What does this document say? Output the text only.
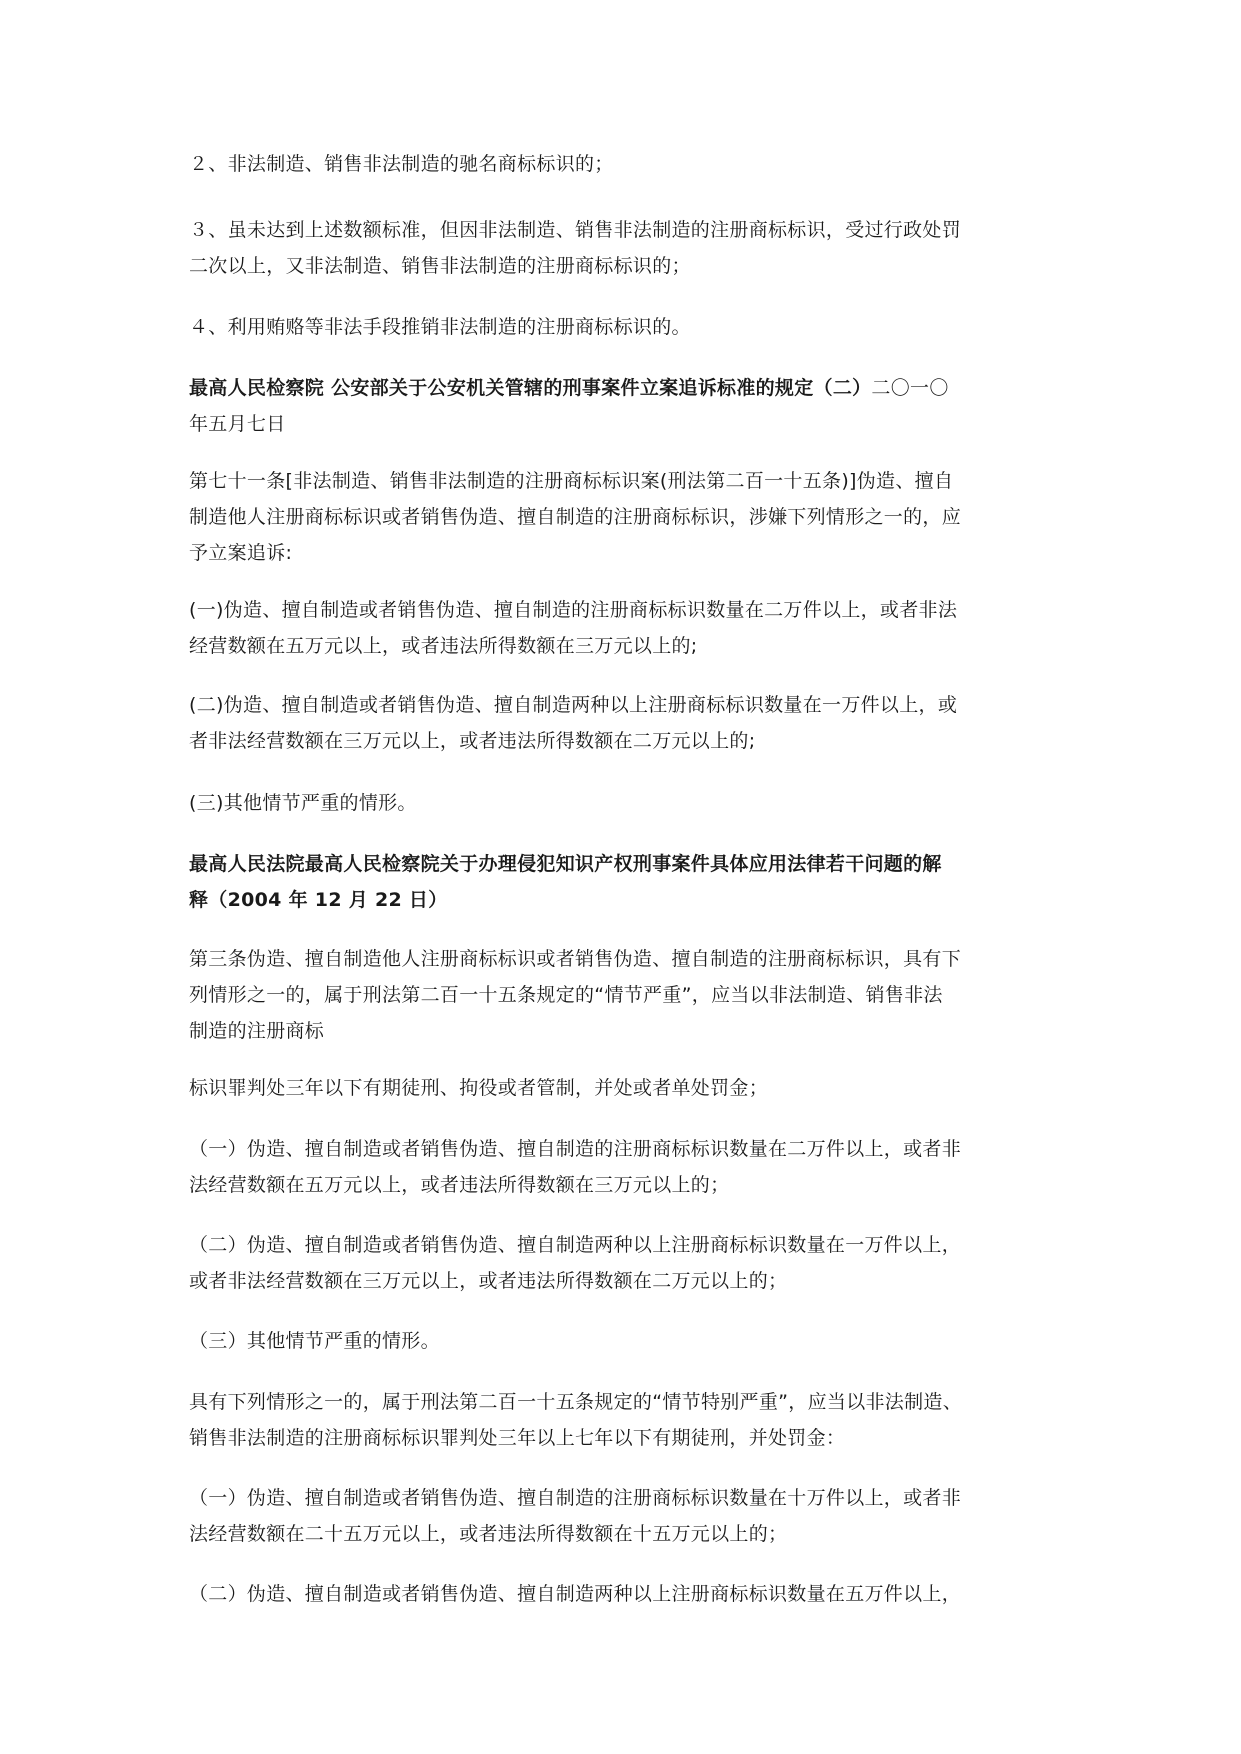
２、非法制造、销售非法制造的驰名商标标识的；

３、虽未达到上述数额标准，但因非法制造、销售非法制造的注册商标标识，受过行政处罚
二次以上，又非法制造、销售非法制造的注册商标标识的；

４、利用贿赂等非法手段推销非法制造的注册商标标识的。

最高人民检察院 公安部关于公安机关管辖的刑事案件立案追诉标准的规定（二）二〇一〇
年五月七日

第七十一条[非法制造、销售非法制造的注册商标标识案(刑法第二百一十五条)]伪造、擅自
制造他人注册商标标识或者销售伪造、擅自制造的注册商标标识，涉嫌下列情形之一的，应
予立案追诉:

(一)伪造、擅自制造或者销售伪造、擅自制造的注册商标标识数量在二万件以上，或者非法
经营数额在五万元以上，或者违法所得数额在三万元以上的;

(二)伪造、擅自制造或者销售伪造、擅自制造两种以上注册商标标识数量在一万件以上，或
者非法经营数额在三万元以上，或者违法所得数额在二万元以上的;

(三)其他情节严重的情形。

最高人民法院最高人民检察院关于办理侵犯知识产权刑事案件具体应用法律若干问题的解
释（2004 年 12 月 22 日）

第三条伪造、擅自制造他人注册商标标识或者销售伪造、擅自制造的注册商标标识，具有下
列情形之一的，属于刑法第二百一十五条规定的“情节严重”，应当以非法制造、销售非法
制造的注册商标

标识罪判处三年以下有期徒刑、拘役或者管制，并处或者单处罚金；

（一）伪造、擅自制造或者销售伪造、擅自制造的注册商标标识数量在二万件以上，或者非
法经营数额在五万元以上，或者违法所得数额在三万元以上的；

（二）伪造、擅自制造或者销售伪造、擅自制造两种以上注册商标标识数量在一万件以上，
或者非法经营数额在三万元以上，或者违法所得数额在二万元以上的；

（三）其他情节严重的情形。

具有下列情形之一的，属于刑法第二百一十五条规定的“情节特别严重”，应当以非法制造、
销售非法制造的注册商标标识罪判处三年以上七年以下有期徒刑，并处罚金：

（一）伪造、擅自制造或者销售伪造、擅自制造的注册商标标识数量在十万件以上，或者非
法经营数额在二十五万元以上，或者违法所得数额在十五万元以上的；

（二）伪造、擅自制造或者销售伪造、擅自制造两种以上注册商标标识数量在五万件以上，
